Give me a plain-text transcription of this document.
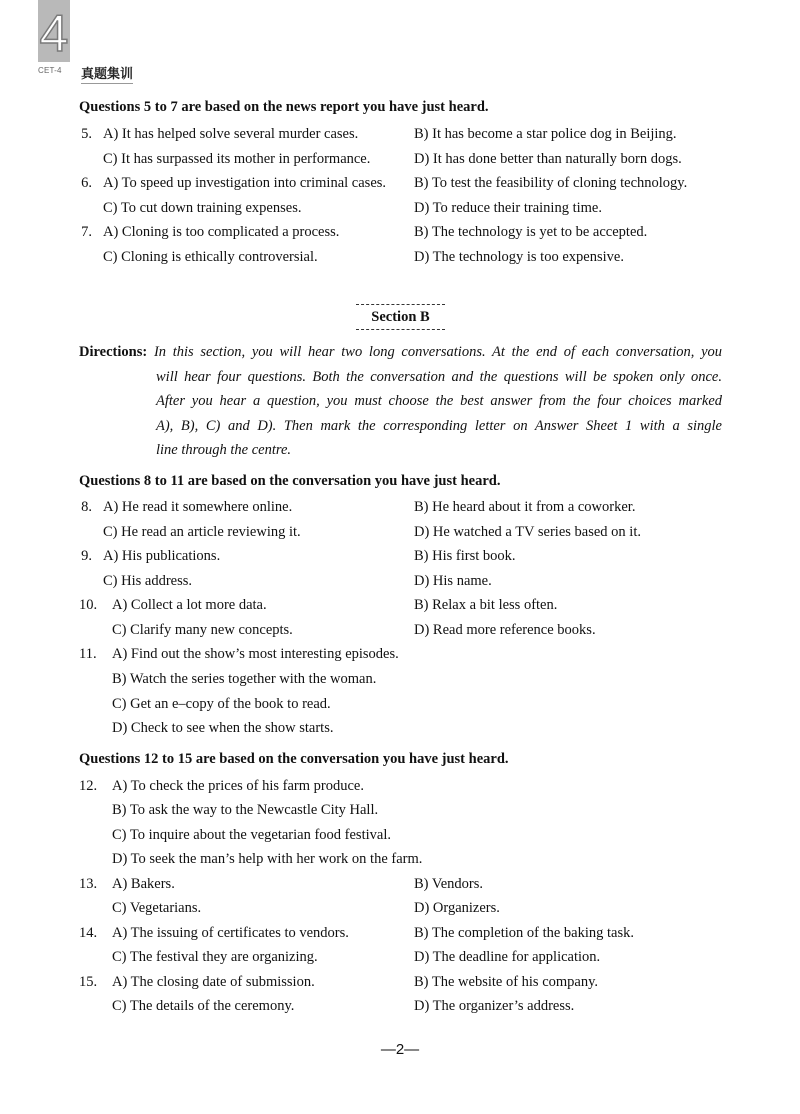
4
CET-4 真题集训
Questions 5 to 7 are based on the news report you have just heard.
5. A) It has helped solve several murder cases.	B) It has become a star police dog in Beijing.
C) It has surpassed its mother in performance.	D) It has done better than naturally born dogs.
6. A) To speed up investigation into criminal cases. B) To test the feasibility of cloning technology.
C) To cut down training expenses.	D) To reduce their training time.
7. A) Cloning is too complicated a process.	B) The technology is yet to be accepted.
C) Cloning is ethically controversial.	D) The technology is too expensive.
Section B
Directions: In this section, you will hear two long conversations. At the end of each conversation, you
will hear four questions. Both the conversation and the questions will be spoken only once.
After you hear a question, you must choose the best answer from the four choices marked
A), B), C) and D). Then mark the corresponding letter on Answer Sheet 1 with a single
line through the centre.
Questions 8 to 11 are based on the conversation you have just heard.
8. A) He read it somewhere online.	B) He heard about it from a coworker.
C) He read an article reviewing it.	D) He watched a TV series based on it.
9. A) His publications.	B) His first book.
C) His address.	D) His name.
10. A) Collect a lot more data.	B) Relax a bit less often.
C) Clarify many new concepts.	D) Read more reference books.
11. A) Find out the show’s most interesting episodes.
B) Watch the series together with the woman.
C) Get an e–copy of the book to read.
D) Check to see when the show starts.
Questions 12 to 15 are based on the conversation you have just heard.
12. A) To check the prices of his farm produce.
B) To ask the way to the Newcastle City Hall.
C) To inquire about the vegetarian food festival.
D) To seek the man’s help with her work on the farm.
13. A) Bakers.	B) Vendors.
C) Vegetarians.	D) Organizers.
14. A) The issuing of certificates to vendors.	B) The completion of the baking task.
C) The festival they are organizing.	D) The deadline for application.
15. A) The closing date of submission.	B) The website of his company.
C) The details of the ceremony.	D) The organizer’s address.
—2—
